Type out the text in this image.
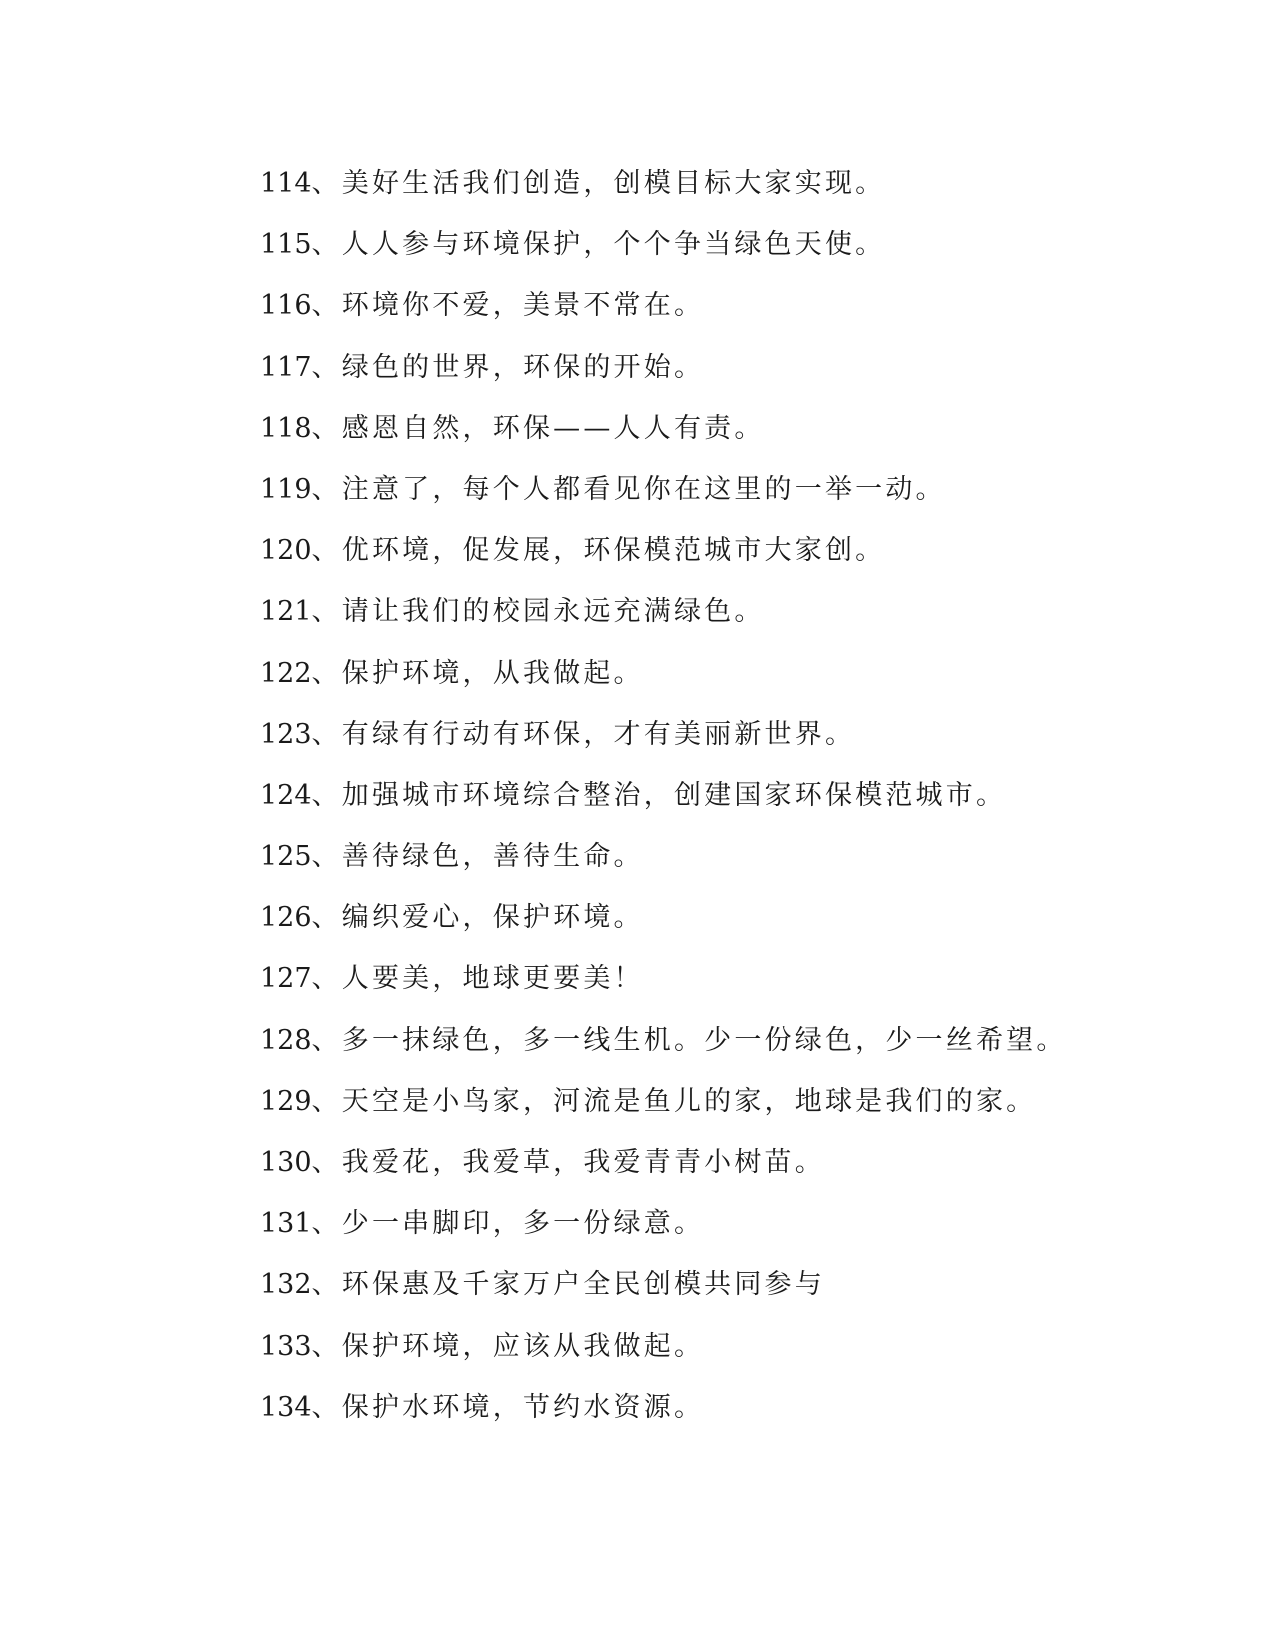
114、美好生活我们创造，创模目标大家实现。
115、人人参与环境保护，个个争当绿色天使。
116、环境你不爱，美景不常在。
117、绿色的世界，环保的开始。
118、感恩自然，环保——人人有责。
119、注意了，每个人都看见你在这里的一举一动。
120、优环境，促发展，环保模范城市大家创。
121、请让我们的校园永远充满绿色。
122、保护环境，从我做起。
123、有绿有行动有环保，才有美丽新世界。
124、加强城市环境综合整治，创建国家环保模范城市。
125、善待绿色，善待生命。
126、编织爱心，保护环境。
127、人要美，地球更要美！
128、多一抹绿色，多一线生机。少一份绿色，少一丝希望。
129、天空是小鸟家，河流是鱼儿的家，地球是我们的家。
130、我爱花，我爱草，我爱青青小树苗。
131、少一串脚印，多一份绿意。
132、环保惠及千家万户全民创模共同参与
133、保护环境，应该从我做起。
134、保护水环境，节约水资源。
